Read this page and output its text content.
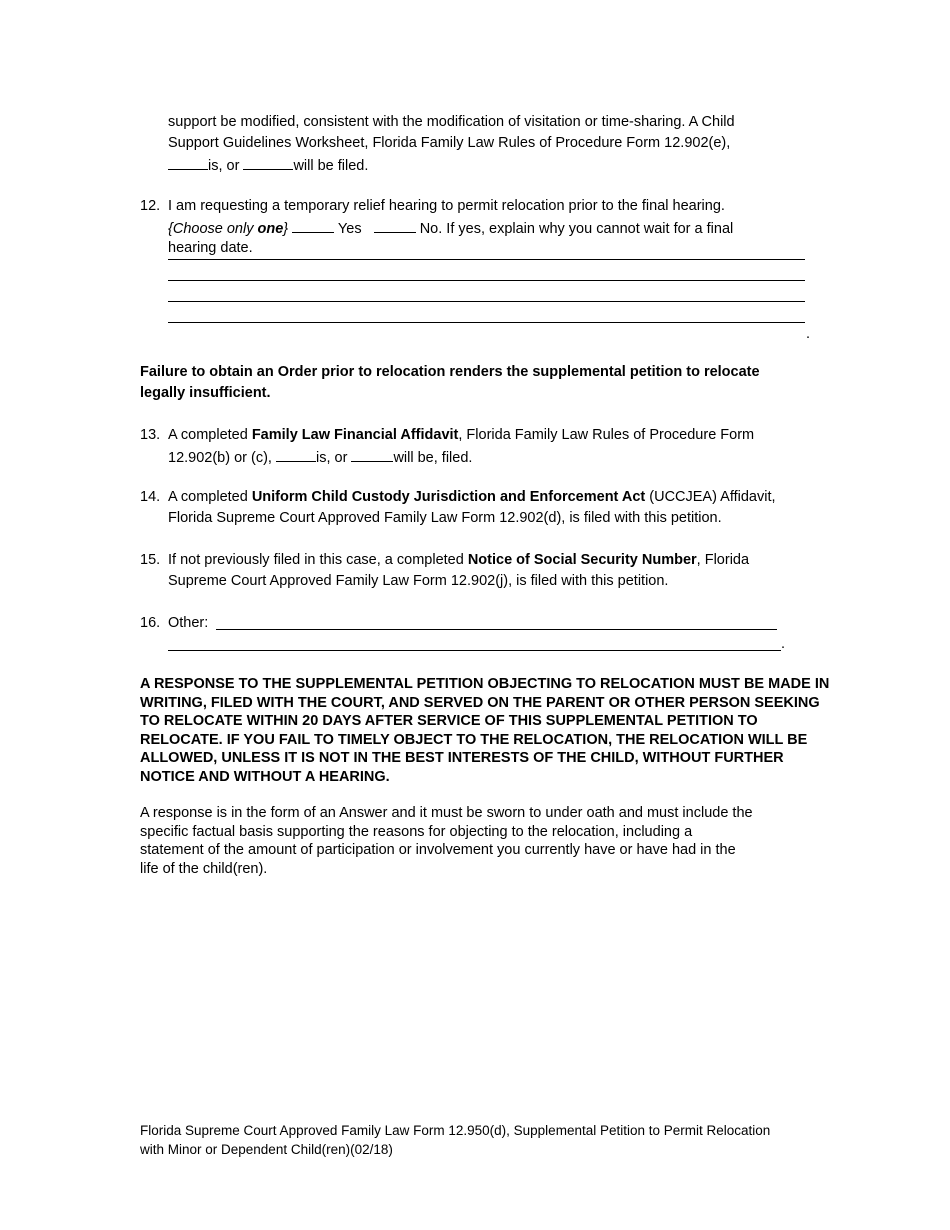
support be modified, consistent with the modification of visitation or time-sharing. A Child
Support Guidelines Worksheet, Florida Family Law Rules of Procedure Form 12.902(e),
is, or	will be filed.
12. I am requesting a temporary relief hearing to permit relocation prior to the final hearing.
{Choose only one}	Yes	No. If yes, explain why you cannot wait for a final
hearing date.
.
Failure to obtain an Order prior to relocation renders the supplemental petition to relocate
legally insufficient.
13. A completed Family Law Financial Affidavit, Florida Family Law Rules of Procedure Form
12.902(b) or (c),	is, or	will be, filed.
14. A completed Uniform Child Custody Jurisdiction and Enforcement Act (UCCJEA) Affidavit,
Florida Supreme Court Approved Family Law Form 12.902(d), is filed with this petition.
15. If not previously filed in this case, a completed Notice of Social Security Number, Florida
Supreme Court Approved Family Law Form 12.902(j), is filed with this petition.
16. Other:
.
A RESPONSE TO THE SUPPLEMENTAL PETITION OBJECTING TO RELOCATION MUST BE MADE IN
WRITING, FILED WITH THE COURT, AND SERVED ON THE PARENT OR OTHER PERSON SEEKING
TO RELOCATE WITHIN 20 DAYS AFTER SERVICE OF THIS SUPPLEMENTAL PETITION TO
RELOCATE. IF YOU FAIL TO TIMELY OBJECT TO THE RELOCATION, THE RELOCATION WILL BE
ALLOWED, UNLESS IT IS NOT IN THE BEST INTERESTS OF THE CHILD, WITHOUT FURTHER
NOTICE AND WITHOUT A HEARING.
A response is in the form of an Answer and it must be sworn to under oath and must include the
specific factual basis supporting the reasons for objecting to the relocation, including a
statement of the amount of participation or involvement you currently have or have had in the
life of the child(ren).
Florida Supreme Court Approved Family Law Form 12.950(d), Supplemental Petition to Permit Relocation
with Minor or Dependent Child(ren)(02/18)
